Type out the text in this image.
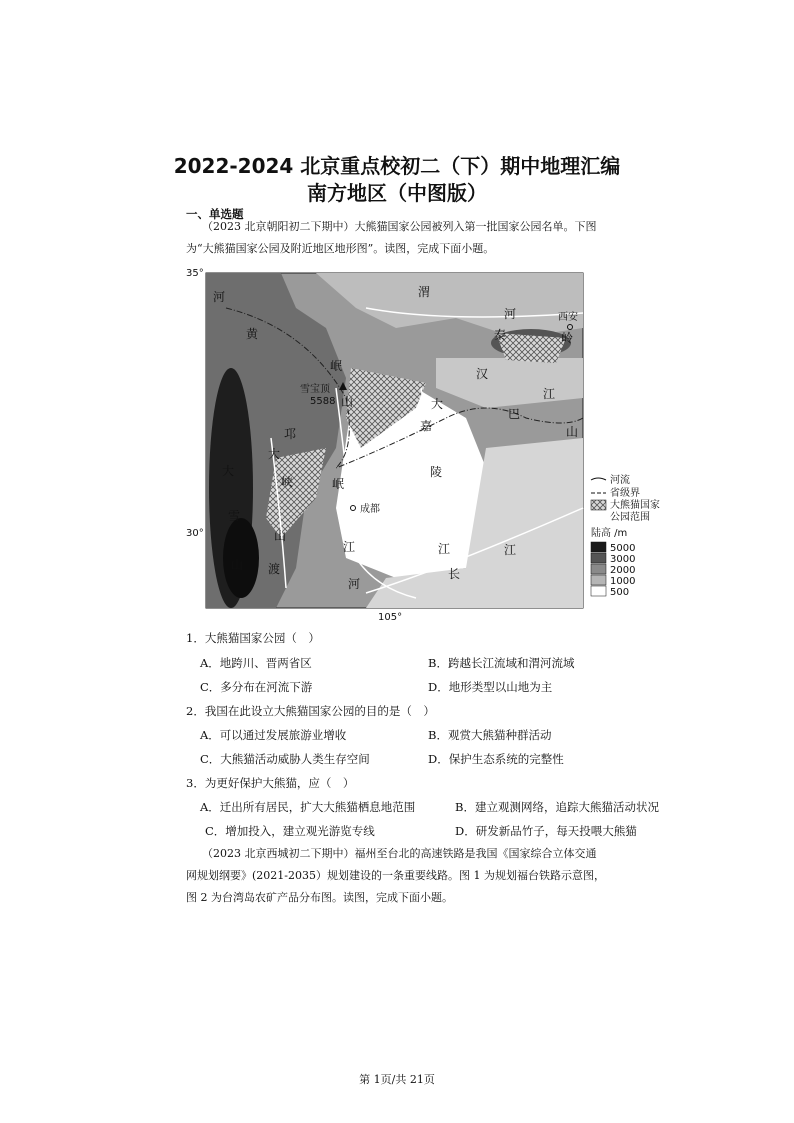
2022-2024 北京重点校初二（下）期中地理汇编
南方地区（中图版）
一、单选题
（2023 北京朝阳初二下期中）大熊猫国家公园被列入第一批国家公园名单。下图为“大熊猫国家公园及附近地区地形图”。读图，完成下面小题。
35°
30°
105°
河
黄
渭
河	西安
秦	岭
岷
雪宝顶
5588 山
汉
江
巴
山
大
嘉
陵
邛
大
峡
大
雪
山
山
渡
河
岷
成都
江	江
长
江
河流
省级界
大熊猫国家
公园范围
陆高 /m
5000
3000
2000
1000
500
1．大熊猫国家公园（　）
A．地跨川、晋两省区	B．跨越长江流域和渭河流域
C．多分布在河流下游	D．地形类型以山地为主
2．我国在此设立大熊猫国家公园的目的是（　）
A．可以通过发展旅游业增收	B．观赏大熊猫种群活动
C．大熊猫活动威胁人类生存空间	D．保护生态系统的完整性
3．为更好保护大熊猫，应（　）
A．迁出所有居民，扩大大熊猫栖息地范围	B．建立观测网络，追踪大熊猫活动状况
C．增加投入，建立观光游览专线	D．研发新品竹子，每天投喂大熊猫
（2023 北京西城初二下期中）福州至台北的高速铁路是我国《国家综合立体交通网规划纲要》(2021-2035）规划建设的一条重要线路。图 1 为规划福台铁路示意图，图 2 为台湾岛农矿产品分布图。读图，完成下面小题。
第 1页/共 21页
